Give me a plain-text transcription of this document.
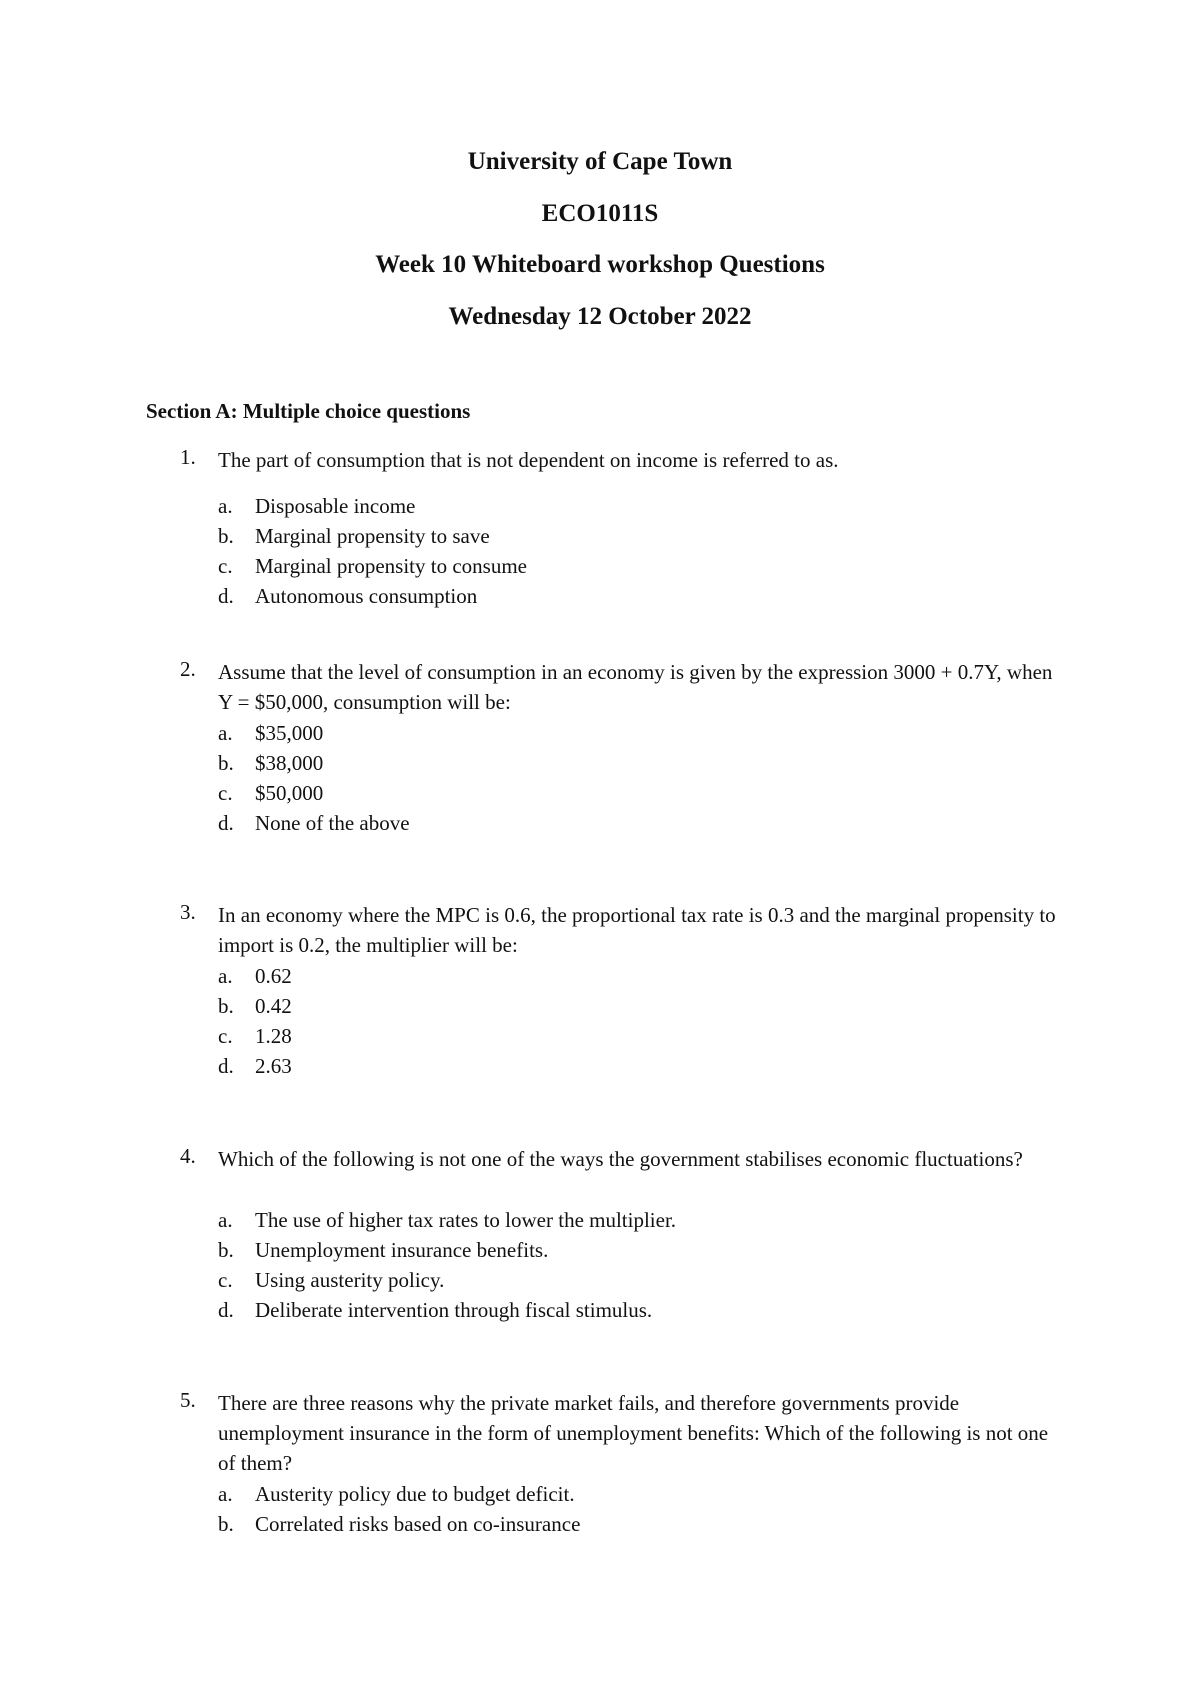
University of Cape Town
ECO1011S
Week 10 Whiteboard workshop Questions
Wednesday 12 October 2022
Section A: Multiple choice questions
1.	The part of consumption that is not dependent on income is referred to as.
a. Disposable income
b. Marginal propensity to save
c. Marginal propensity to consume
d. Autonomous consumption
2.	Assume that the level of consumption in an economy is given by the expression 3000 + 0.7Y, when Y = $50,000, consumption will be:
a. $35,000
b. $38,000
c. $50,000
d. None of the above
3.	In an economy where the MPC is 0.6, the proportional tax rate is 0.3 and the marginal propensity to import is 0.2, the multiplier will be:
a. 0.62
b. 0.42
c. 1.28
d. 2.63
4.	Which of the following is not one of the ways the government stabilises economic fluctuations?
a. The use of higher tax rates to lower the multiplier.
b. Unemployment insurance benefits.
c. Using austerity policy.
d. Deliberate intervention through fiscal stimulus.
5.	There are three reasons why the private market fails, and therefore governments provide unemployment insurance in the form of unemployment benefits: Which of the following is not one of them?
a. Austerity policy due to budget deficit.
b. Correlated risks based on co-insurance
